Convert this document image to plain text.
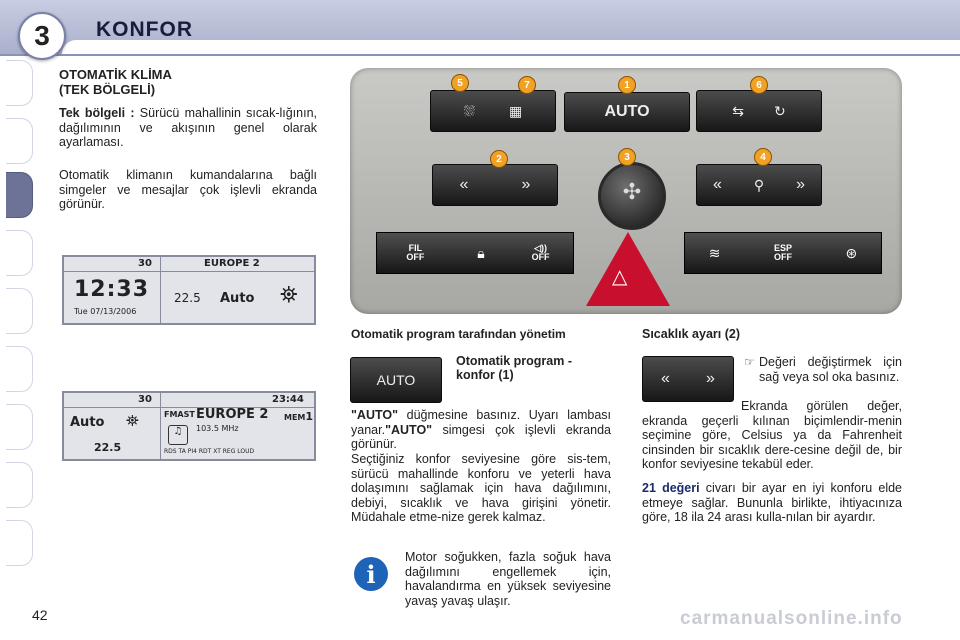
3 KONFOR
OTOMATİK KLİMA
(TEK BÖLGELİ)
Tek bölgeli : Sürücü mahallinin sıcak-lığının, dağılımının ve akışının genel olarak ayarlaması.
Otomatik klimanın kumandalarına bağlı simgeler ve mesajlar çok işlevli ekranda görünür.
30	EUROPE 2
12:33
Tue 07/13/2006
22.5 Auto ⛯
30	23:44
Auto ⛯
22.5
FMAST EUROPE 2 MEM1
103.5 MHz
♫
RDS TA PI4 RDT XT REG LOUD
⛆ ▦	AUTO	⇆ ↻
5	7	1	6
«	»	« ⚲ »
2
✣
3	4
FIL OFF	🔒︎	◁))
OFF
△
≋	ESP OFF	⊛
Otomatik program tarafından yönetim
AUTO
Otomatik program -
konfor (1)
"AUTO" düğmesine basınız. Uyarı lambası yanar."AUTO" simgesi çok işlevli ekranda görünür.
Seçtiğiniz konfor seviyesine göre sis-tem, sürücü mahallinde konforu ve yeterli hava dolaşımını sağlamak için hava dağılımını, debiyi, sıcaklık ve hava girişini yönetir. Müdahale etme-nize gerek kalmaz.
i
Motor soğukken, fazla soğuk hava dağılımını engellemek için, havalandırma en yüksek seviyesine yavaş yavaş ulaşır.
Sıcaklık ayarı (2)
« »
☞ Değeri değiştirmek için sağ veya sol oka basınız.
Ekranda görülen değer, ekranda geçerli kılınan biçimlendir-menin seçimine göre, Celsius ya da Fahrenheit cinsinden bir sıcaklık dere-cesine değil de, bir konfor seviyesine tekabül eder.
21 değeri civarı bir ayar en iyi konforu elde etmeye sağlar. Bununla birlikte, ihtiyacınıza göre, 18 ila 24 arası kulla-nılan bir ayardır.
42	carmanualsonline.info
